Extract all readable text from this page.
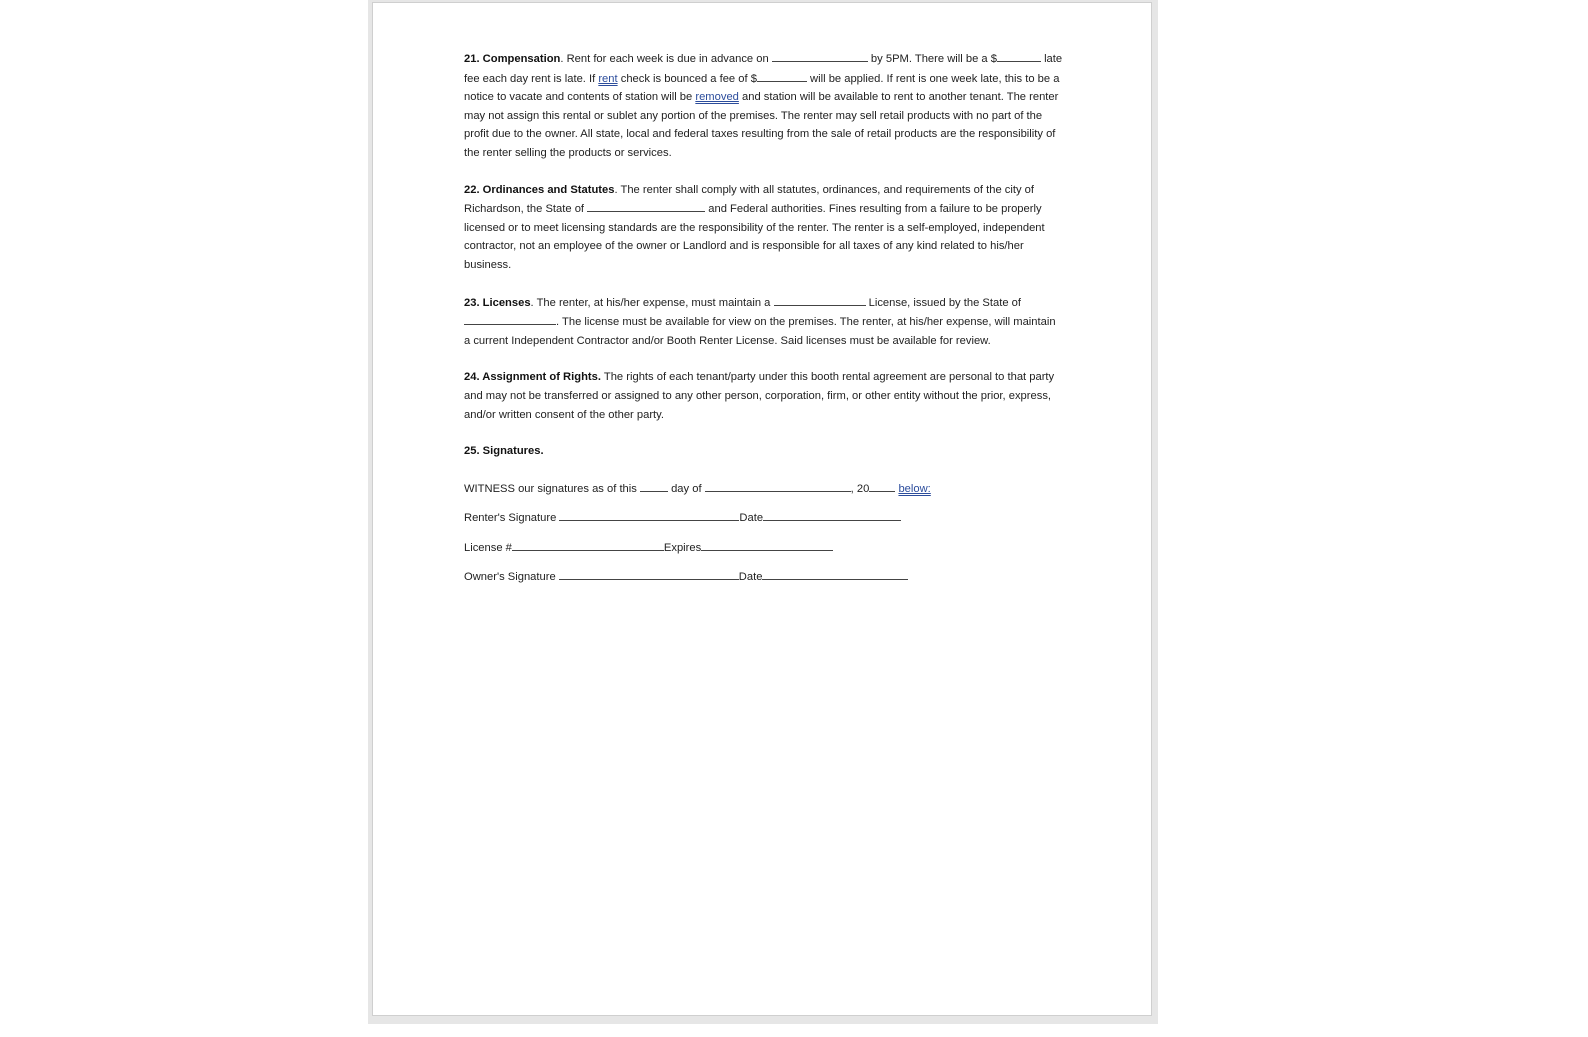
21. Compensation. Rent for each week is due in advance on	by 5PM. There will be a $	late fee each day rent is late. If rent check is bounced a fee of $	will be applied. If rent is one week late, this to be a notice to vacate and contents of station will be removed and station will be available to rent to another tenant. The renter may not assign this rental or sublet any portion of the premises. The renter may sell retail products with no part of the profit due to the owner. All state, local and federal taxes resulting from the sale of retail products are the responsibility of the renter selling the products or services.

22. Ordinances and Statutes. The renter shall comply with all statutes, ordinances, and requirements of the city of Richardson, the State of	and Federal authorities. Fines resulting from a failure to be properly licensed or to meet licensing standards are the responsibility of the renter. The renter is a self-employed, independent contractor, not an employee of the owner or Landlord and is responsible for all taxes of any kind related to his/her business.

23. Licenses. The renter, at his/her expense, must maintain a	License, issued by the State of . The license must be available for view on the premises. The renter, at his/her expense, will maintain a current Independent Contractor and/or Booth Renter License. Said licenses must be available for review.

24. Assignment of Rights. The rights of each tenant/party under this booth rental agreement are personal to that party and may not be transferred or assigned to any other person, corporation, firm, or other entity without the prior, express, and/or written consent of the other party.

25. Signatures.

WITNESS our signatures as of this	day of	, 20	below:

Renter's Signature	Date

License #	Expires

Owner's Signature	Date
